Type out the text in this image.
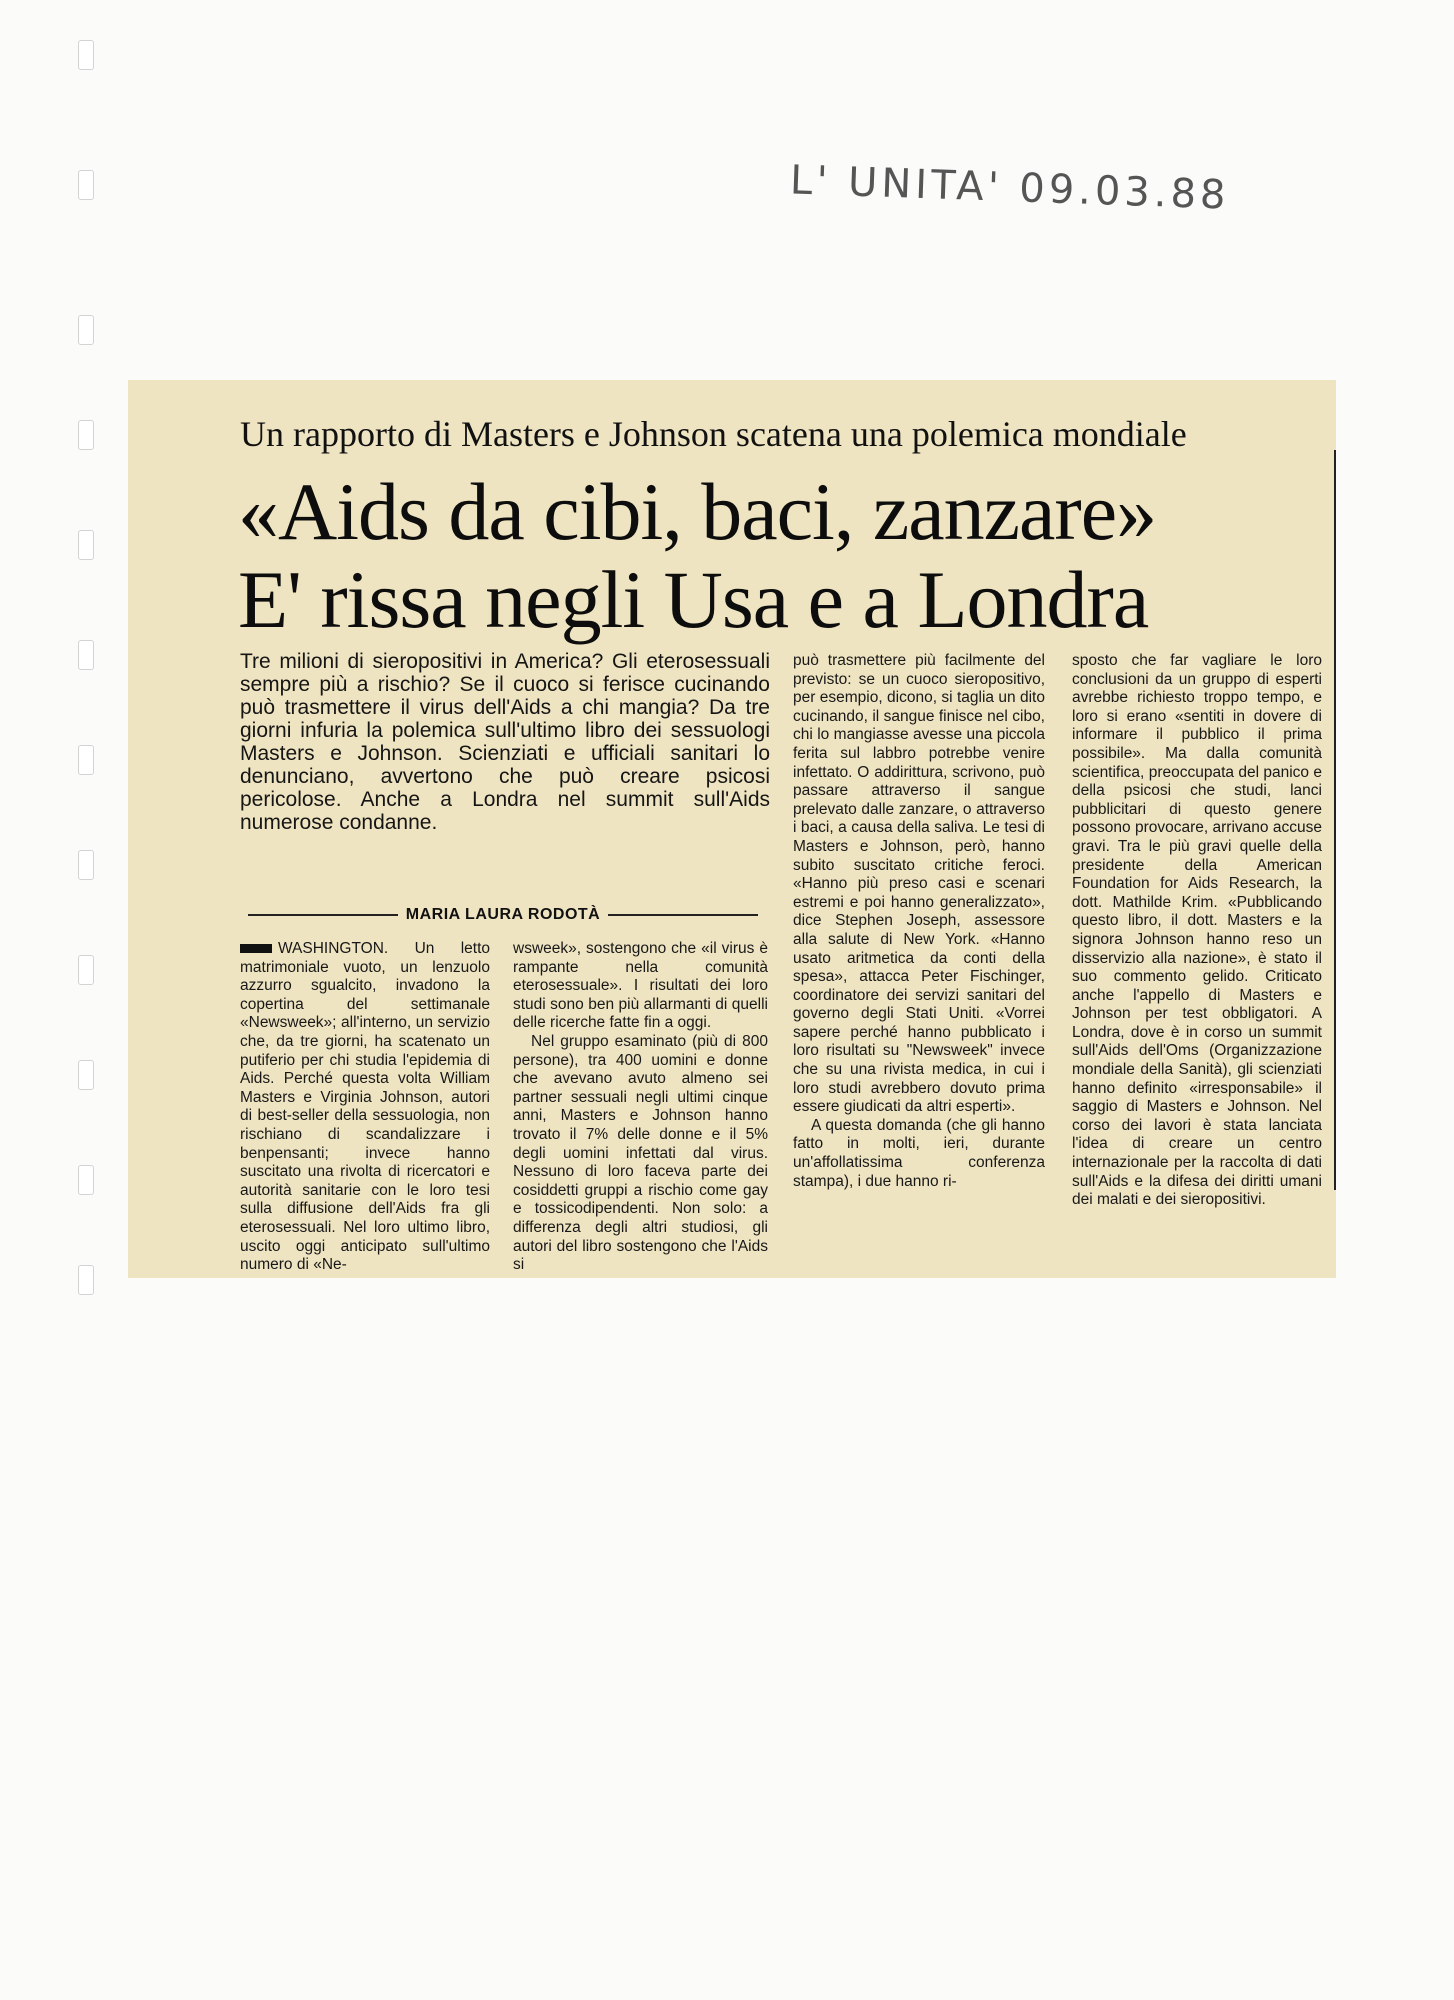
L' UNITA' 09.03.88
Un rapporto di Masters e Johnson scatena una polemica mondiale
«Aids da cibi, baci, zanzare»
E' rissa negli Usa e a Londra
Tre milioni di sieropositivi in America? Gli eterosessuali sempre più a rischio? Se il cuoco si ferisce cucinando può trasmettere il virus dell'Aids a chi mangia? Da tre giorni infuria la polemica sull'ultimo libro dei sessuologi Masters e Johnson. Scienziati e ufficiali sanitari lo denunciano, avvertono che può creare psicosi pericolose. Anche a Londra nel summit sull'Aids numerose condanne.
MARIA LAURA RODOTÀ

WASHINGTON. Un letto matrimoniale vuoto, un lenzuolo azzurro sgualcito, invadono la copertina del settimanale «Newsweek»; all'interno, un servizio che, da tre giorni, ha scatenato un putiferio per chi studia l'epidemia di Aids. Perché questa volta William Masters e Virginia Johnson, autori di best-seller della sessuologia, non rischiano di scandalizzare i benpensanti; invece hanno suscitato una rivolta di ricercatori e autorità sanitarie con le loro tesi sulla diffusione dell'Aids fra gli eterosessuali. Nel loro ultimo libro, uscito oggi anticipato sull'ultimo numero di «Ne-

wsweek», sostengono che «il virus è rampante nella comunità eterosessuale». I risultati dei loro studi sono ben più allarmanti di quelli delle ricerche fatte fin a oggi.

Nel gruppo esaminato (più di 800 persone), tra 400 uomini e donne che avevano avuto almeno sei partner sessuali negli ultimi cinque anni, Masters e Johnson hanno trovato il 7% delle donne e il 5% degli uomini infettati dal virus. Nessuno di loro faceva parte dei cosiddetti gruppi a rischio come gay e tossicodipendenti. Non solo: a differenza degli altri studiosi, gli autori del libro sostengono che l'Aids si

può trasmettere più facilmente del previsto: se un cuoco sieropositivo, per esempio, dicono, si taglia un dito cucinando, il sangue finisce nel cibo, chi lo mangiasse avesse una piccola ferita sul labbro potrebbe venire infettato. O addirittura, scrivono, può passare attraverso il sangue prelevato dalle zanzare, o attraverso i baci, a causa della saliva. Le tesi di Masters e Johnson, però, hanno subito suscitato critiche feroci. «Hanno più preso casi e scenari estremi e poi hanno generalizzato», dice Stephen Joseph, assessore alla salute di New York. «Hanno usato aritmetica da conti della spesa», attacca Peter Fischinger, coordinatore dei servizi sanitari del governo degli Stati Uniti. «Vorrei sapere perché hanno pubblicato i loro risultati su "Newsweek" invece che su una rivista medica, in cui i loro studi avrebbero dovuto prima essere giudicati da altri esperti».

A questa domanda (che gli hanno fatto in molti, ieri, durante un'affollatissima conferenza stampa), i due hanno ri-

sposto che far vagliare le loro conclusioni da un gruppo di esperti avrebbe richiesto troppo tempo, e loro si erano «sentiti in dovere di informare il pubblico il prima possibile». Ma dalla comunità scientifica, preoccupata del panico e della psicosi che studi, lanci pubblicitari di questo genere possono provocare, arrivano accuse gravi. Tra le più gravi quelle della presidente della American Foundation for Aids Research, la dott. Mathilde Krim. «Pubblicando questo libro, il dott. Masters e la signora Johnson hanno reso un disservizio alla nazione», è stato il suo commento gelido. Criticato anche l'appello di Masters e Johnson per test obbligatori. A Londra, dove è in corso un summit sull'Aids dell'Oms (Organizzazione mondiale della Sanità), gli scienziati hanno definito «irresponsabile» il saggio di Masters e Johnson. Nel corso dei lavori è stata lanciata l'idea di creare un centro internazionale per la raccolta di dati sull'Aids e la difesa dei diritti umani dei malati e dei sieropositivi.
